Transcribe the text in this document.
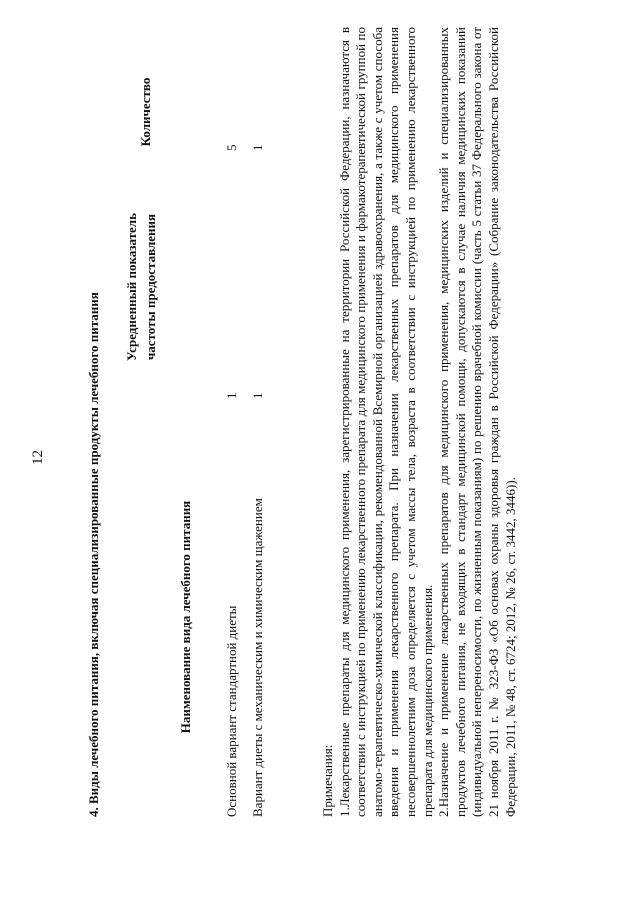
12	4. Виды лечебного питания, включая специализированные продукты лечебного питания	Наименование вида лечебного питания
Усредненный показатель частоты предоставления
Количество
Основной вариант стандартной диеты
1
5
Вариант диеты с механическим и химическим щажением
1
1

Примечания: 1.Лекарственные препараты для медицинского применения, зарегистрированные на территории Российской Федерации, назначаются в соответствии с инструкцией по применению лекарственного препарата для медицинского применения и фармакотерапевтической группой по анатомо-терапевтическо-химической классификации, рекомендованной Всемирной организацией здравоохранения, а также с учетом способа введения и применения лекарственного препарата. При назначении лекарственных препаратов для медицинского применения несовершеннолетним доза определяется с учетом массы тела, возраста в соответствии с инструкцией по применению лекарственного препарата для медицинского применения. 2.Назначение и применение лекарственных препаратов для медицинского применения, медицинских изделий и специализированных продуктов лечебного питания, не входящих в стандарт медицинской помощи, допускаются в случае наличия медицинских показаний (индивидуальной непереносимости, по жизненным показаниям) по решению врачебной комиссии (часть 5 статьи 37 Федерального закона от 21 ноября 2011 г. № 323-ФЗ «Об основах охраны здоровья граждан в Российской Федерации» (Собрание законодательства Российской Федерации, 2011, № 48, ст. 6724; 2012, № 26, ст. 3442, 3446)).
